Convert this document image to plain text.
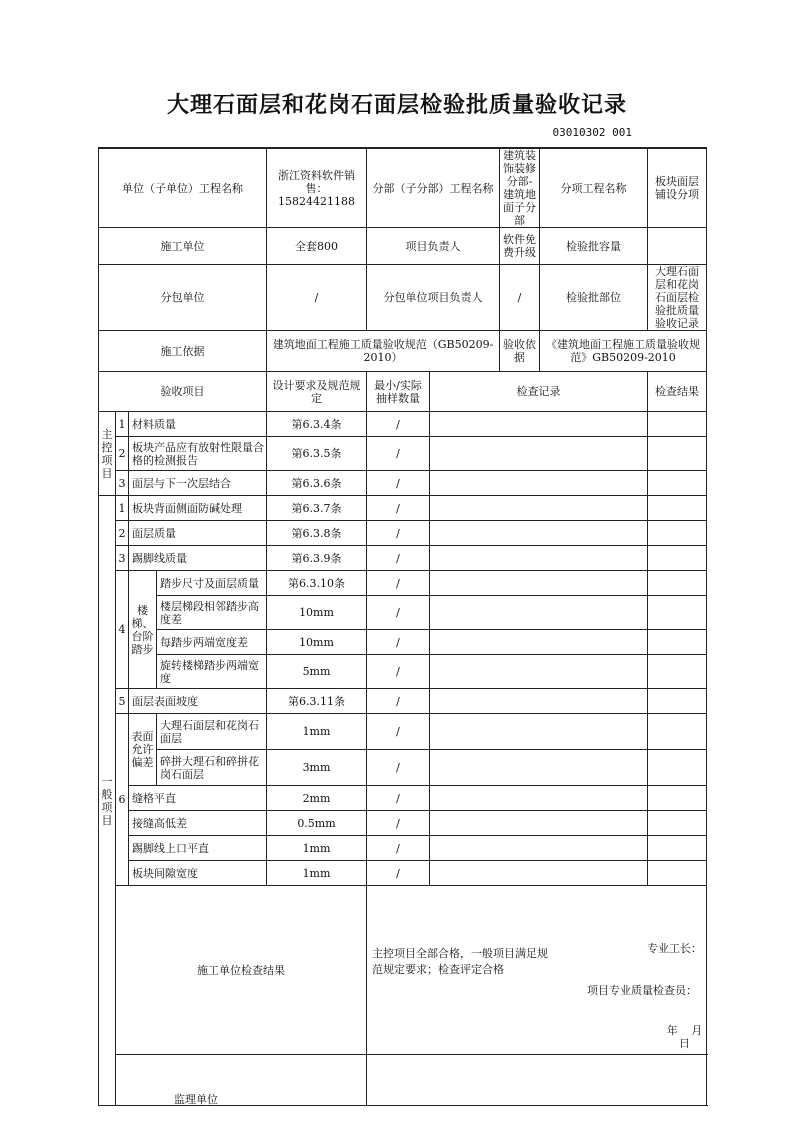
大理石面层和花岗石面层检验批质量验收记录
03010302 001
单位（子单位）工程名称				浙江资料软件销售：15824421188	分部（子分部）工程名称		建筑装饰装修分部-建筑地面子分部	分项工程名称	板块面层铺设分项
施工单位				全套800	项目负责人		软件免费升级	检验批容量	
分包单位				/	分包单位项目负责人		/	检验批部位	大理石面层和花岗石面层检验批质量验收记录
施工依据				建筑地面工程施工质量验收规范（GB50209-2010）			验收依据	《建筑地面工程施工质量验收规范》GB50209-2010	
验收项目				设计要求及规范规定	最小/实际抽样数量	检查记录			检查结果
主控项目	1	材料质量		第6.3.4条	/				
	2	板块产品应有放射性限量合格的检测报告		第6.3.5条	/				
	3	面层与下一次层结合		第6.3.6条	/				
一般项目	1	板块背面侧面防碱处理		第6.3.7条	/				
	2	面层质量		第6.3.8条	/				
	3	踢脚线质量		第6.3.9条	/				
	4	楼梯、台阶踏步	踏步尺寸及面层质量	第6.3.10条	/				
			楼层梯段相邻踏步高度差	10mm	/				
			每踏步两端宽度差	10mm	/				
			旋转楼梯踏步两端宽度	5mm	/				
	5	面层表面坡度		第6.3.11条	/				
	6	表面允许偏差	大理石面层和花岗石面层	1mm	/				
			碎拼大理石和碎拼花岗石面层	3mm	/				
		缝格平直		2mm	/				
		接缝高低差		0.5mm	/				
		踢脚线上口平直		1mm	/				
		板块间隙宽度		1mm	/				
	施工单位检查结果				主控项目全部合格，一般项目满足规范规定要求；检查评定合格
专业工长：
项目专业质量检查员：
年 月 日				

	监理单位								
